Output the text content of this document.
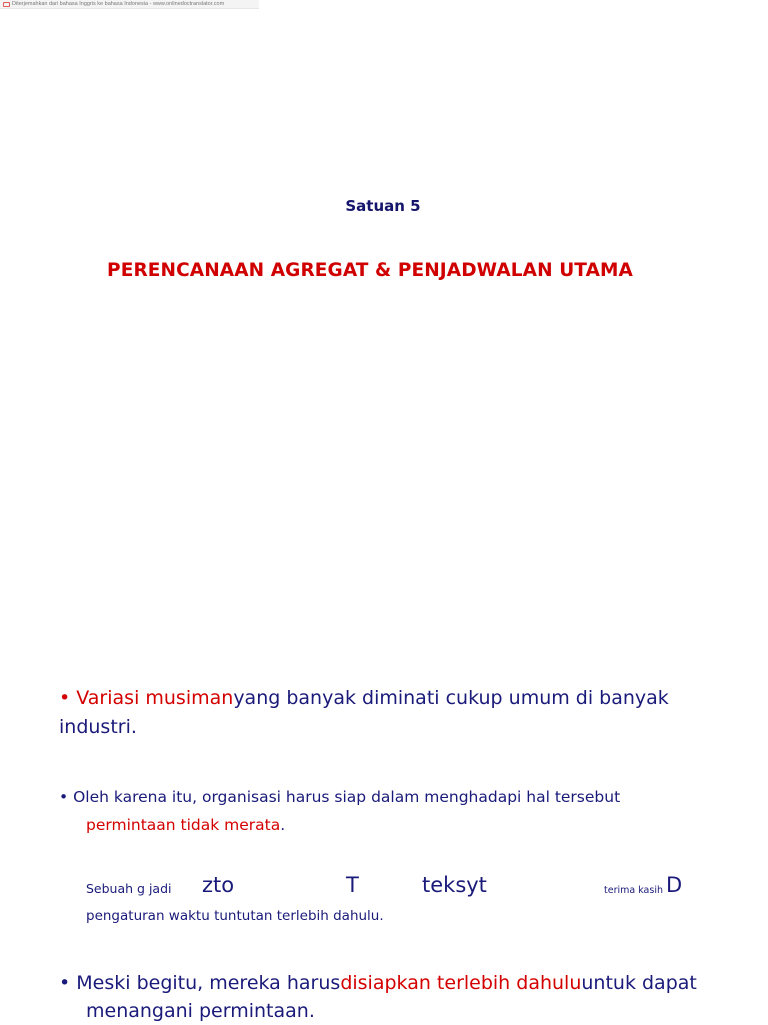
Diterjemahkan dari bahasa Inggris ke bahasa Indonesia - www.onlinedoctranslator.com
Satuan 5
PERENCANAAN AGREGAT & PENJADWALAN UTAMA
• Variasi musimanyang banyak diminati cukup umum di banyak
industri.
• Oleh karena itu, organisasi harus siap dalam menghadapi hal tersebut
permintaan tidak merata.
Sebuah g jadi zto	T	teksyt	terima kasih D
pengaturan waktu tuntutan terlebih dahulu.
• Meski begitu, mereka harusdisiapkan terlebih dahuluuntuk dapat
menangani permintaan.
